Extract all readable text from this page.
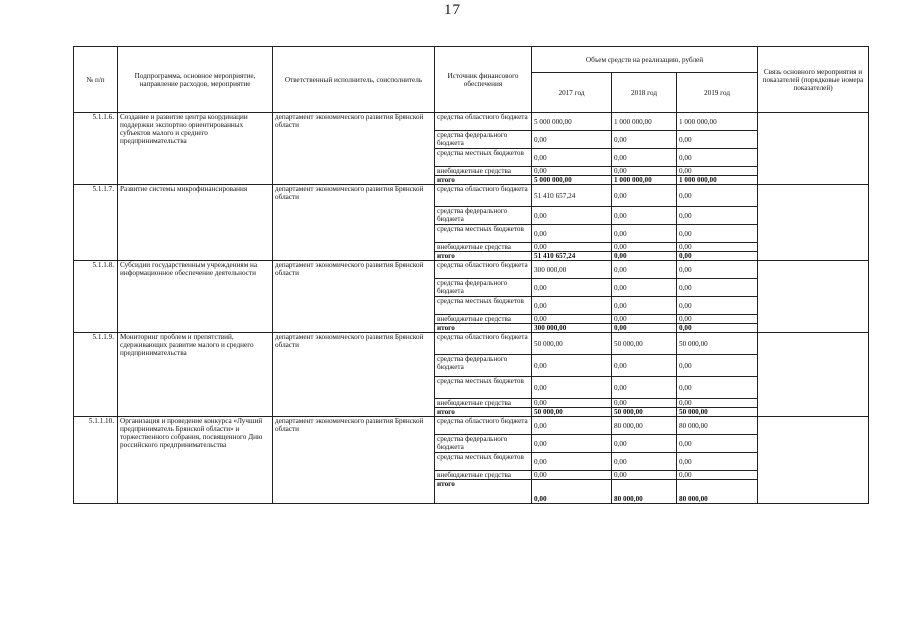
17
№ п/п	Подпрограмма, основное мероприятие, направление расходов, мероприятие	Ответственный исполнитель, соисполнитель	Источник финансового обеспечения	Объем средств на реализацию, рублей			Связь основного мероприятия и показателей (порядковые номера показателей)
				2017 год	2018 год	2019 год	
5.1.1.6.	Создание и развитие центра координации поддержки экспортно ориентированных субъектов малого и среднего предпринимательства	департамент экономического развития Брянской области	средства областного бюджета	5 000 000,00	1 000 000,00	1 000 000,00	
			средства федерального бюджета	0,00	0,00	0,00	
			средства местных бюджетов	0,00	0,00	0,00	
			внебюджетные средства	0,00	0,00	0,00	
			итого	5 000 000,00	1 000 000,00	1 000 000,00	
5.1.1.7.	Развитие системы микрофинансирования	департамент экономического развития Брянской области	средства областного бюджета	51 410 657,24	0,00	0,00	
			средства федерального бюджета	0,00	0,00	0,00	
			средства местных бюджетов	0,00	0,00	0,00	
			внебюджетные средства	0,00	0,00	0,00	
			итого	51 410 657,24	0,00	0,00	
5.1.1.8.	Субсидии государственным учреждениям на информационное обеспечение деятельности	департамент экономического развития Брянской области	средства областного бюджета	300 000,00	0,00	0,00	
			средства федерального бюджета	0,00	0,00	0,00	
			средства местных бюджетов	0,00	0,00	0,00	
			внебюджетные средства	0,00	0,00	0,00	
			итого	300 000,00	0,00	0,00	
5.1.1.9.	Мониторинг проблем и препятствий, сдерживающих развитие малого и среднего предпринимательства	департамент экономического развития Брянской области	средства областного бюджета	50 000,00	50 000,00	50 000,00	
			средства федерального бюджета	0,00	0,00	0,00	
			средства местных бюджетов	0,00	0,00	0,00	
			внебюджетные средства	0,00	0,00	0,00	
			итого	50 000,00	50 000,00	50 000,00	
5.1.1.10.	Организация и проведение конкурса «Лучший предприниматель Брянской области» и торжественного собрания, посвященного Дню российского предпринимательства	департамент экономического развития Брянской области	средства областного бюджета	0,00	80 000,00	80 000,00	
			средства федерального бюджета	0,00	0,00	0,00	
			средства местных бюджетов	0,00	0,00	0,00	
			внебюджетные средства	0,00	0,00	0,00	
			итого	0,00	80 000,00	80 000,00	
